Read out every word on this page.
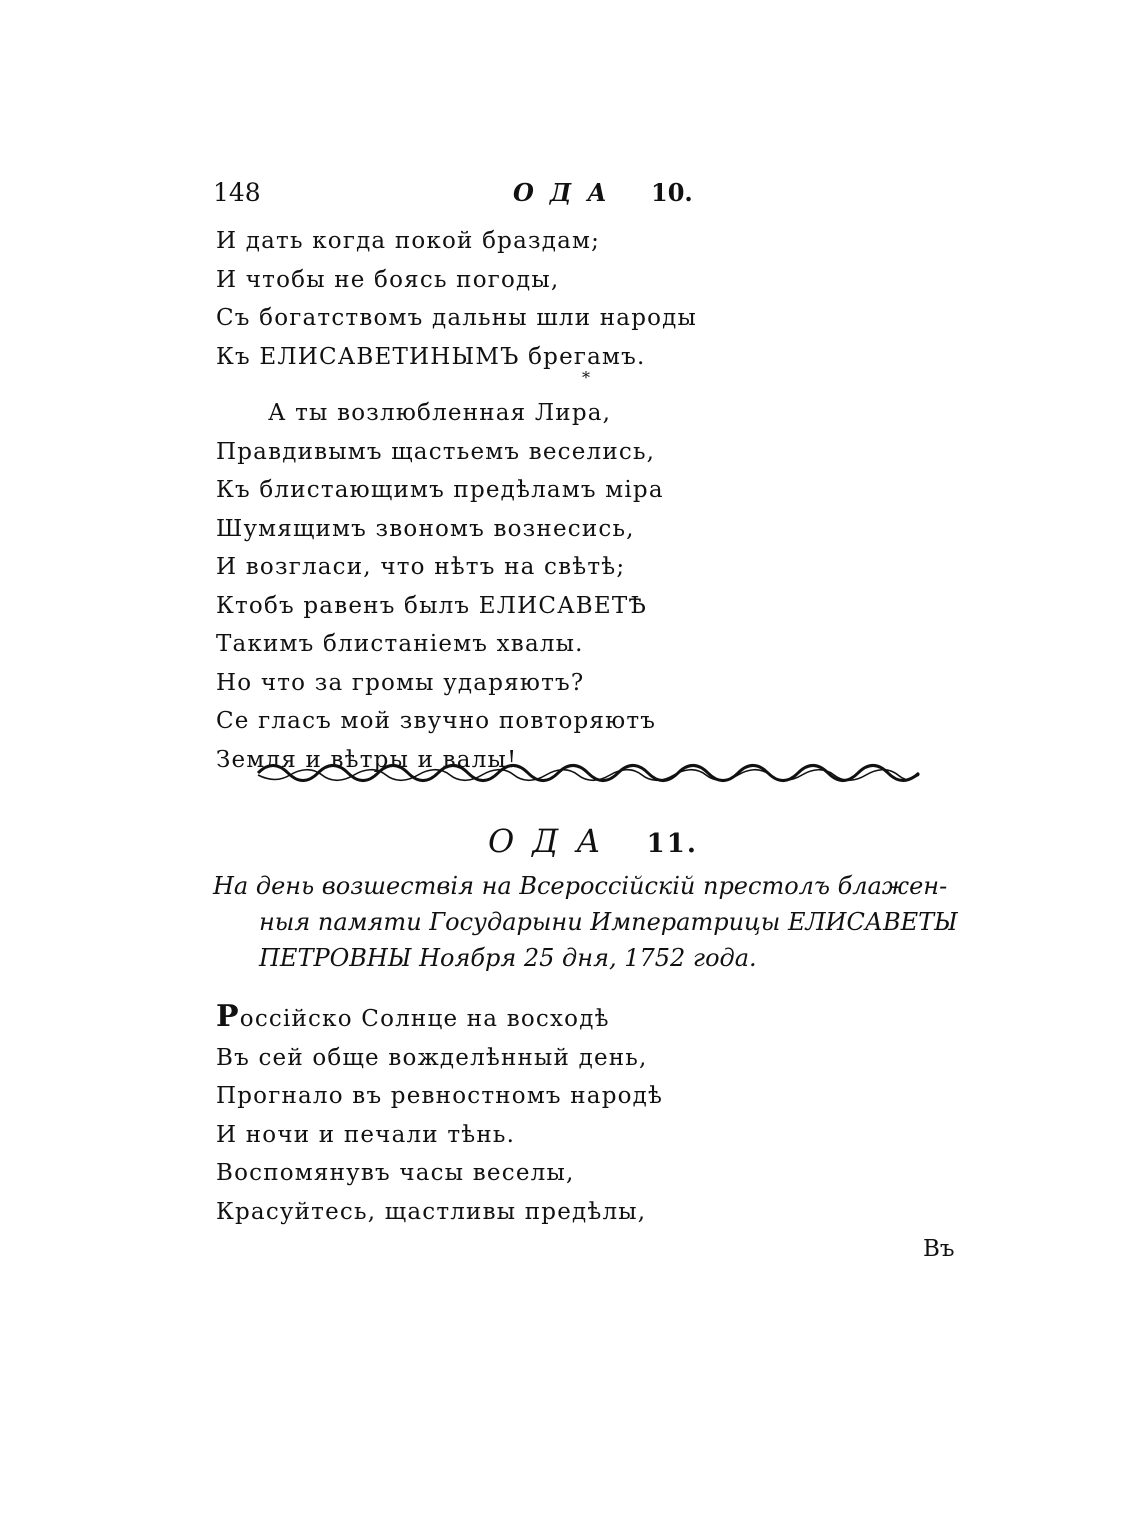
148	ОДА 10.
И дать когда покой браздам;
И чтобы не боясь погоды,
Съ богатствомъ дальны шли народы
Къ ЕЛИСАВЕТИНЫМЪ брегамъ.
*
А ты возлюбленная Лира,
Правдивымъ щастьемъ веселись,
Къ блистающимъ предѣламъ міра
Шумящимъ звономъ вознесись,
И возгласи, что нѣтъ на свѣтѣ;
Ктобъ равенъ былъ ЕЛИСАВЕТѢ
Такимъ блистаніемъ хвалы.
Но что за громы ударяютъ?
Се гласъ мой звучно повторяютъ
Земля и вѣтры и валы!
ОДА 11.
На день возшествія на Всероссійскій престолъ блажен-
ныя памяти Государыни Императрицы ЕЛИСАВЕТЫ
ПЕТРОВНЫ Ноября 25 дня, 1752 года.
Россійско Солнце на восходѣ
Въ сей обще вожделѣнный день,
Прогнало въ ревностномъ народѣ
И ночи и печали тѣнь.
Воспомянувъ часы веселы,
Красуйтесь, щастливы предѣлы,
Въ
